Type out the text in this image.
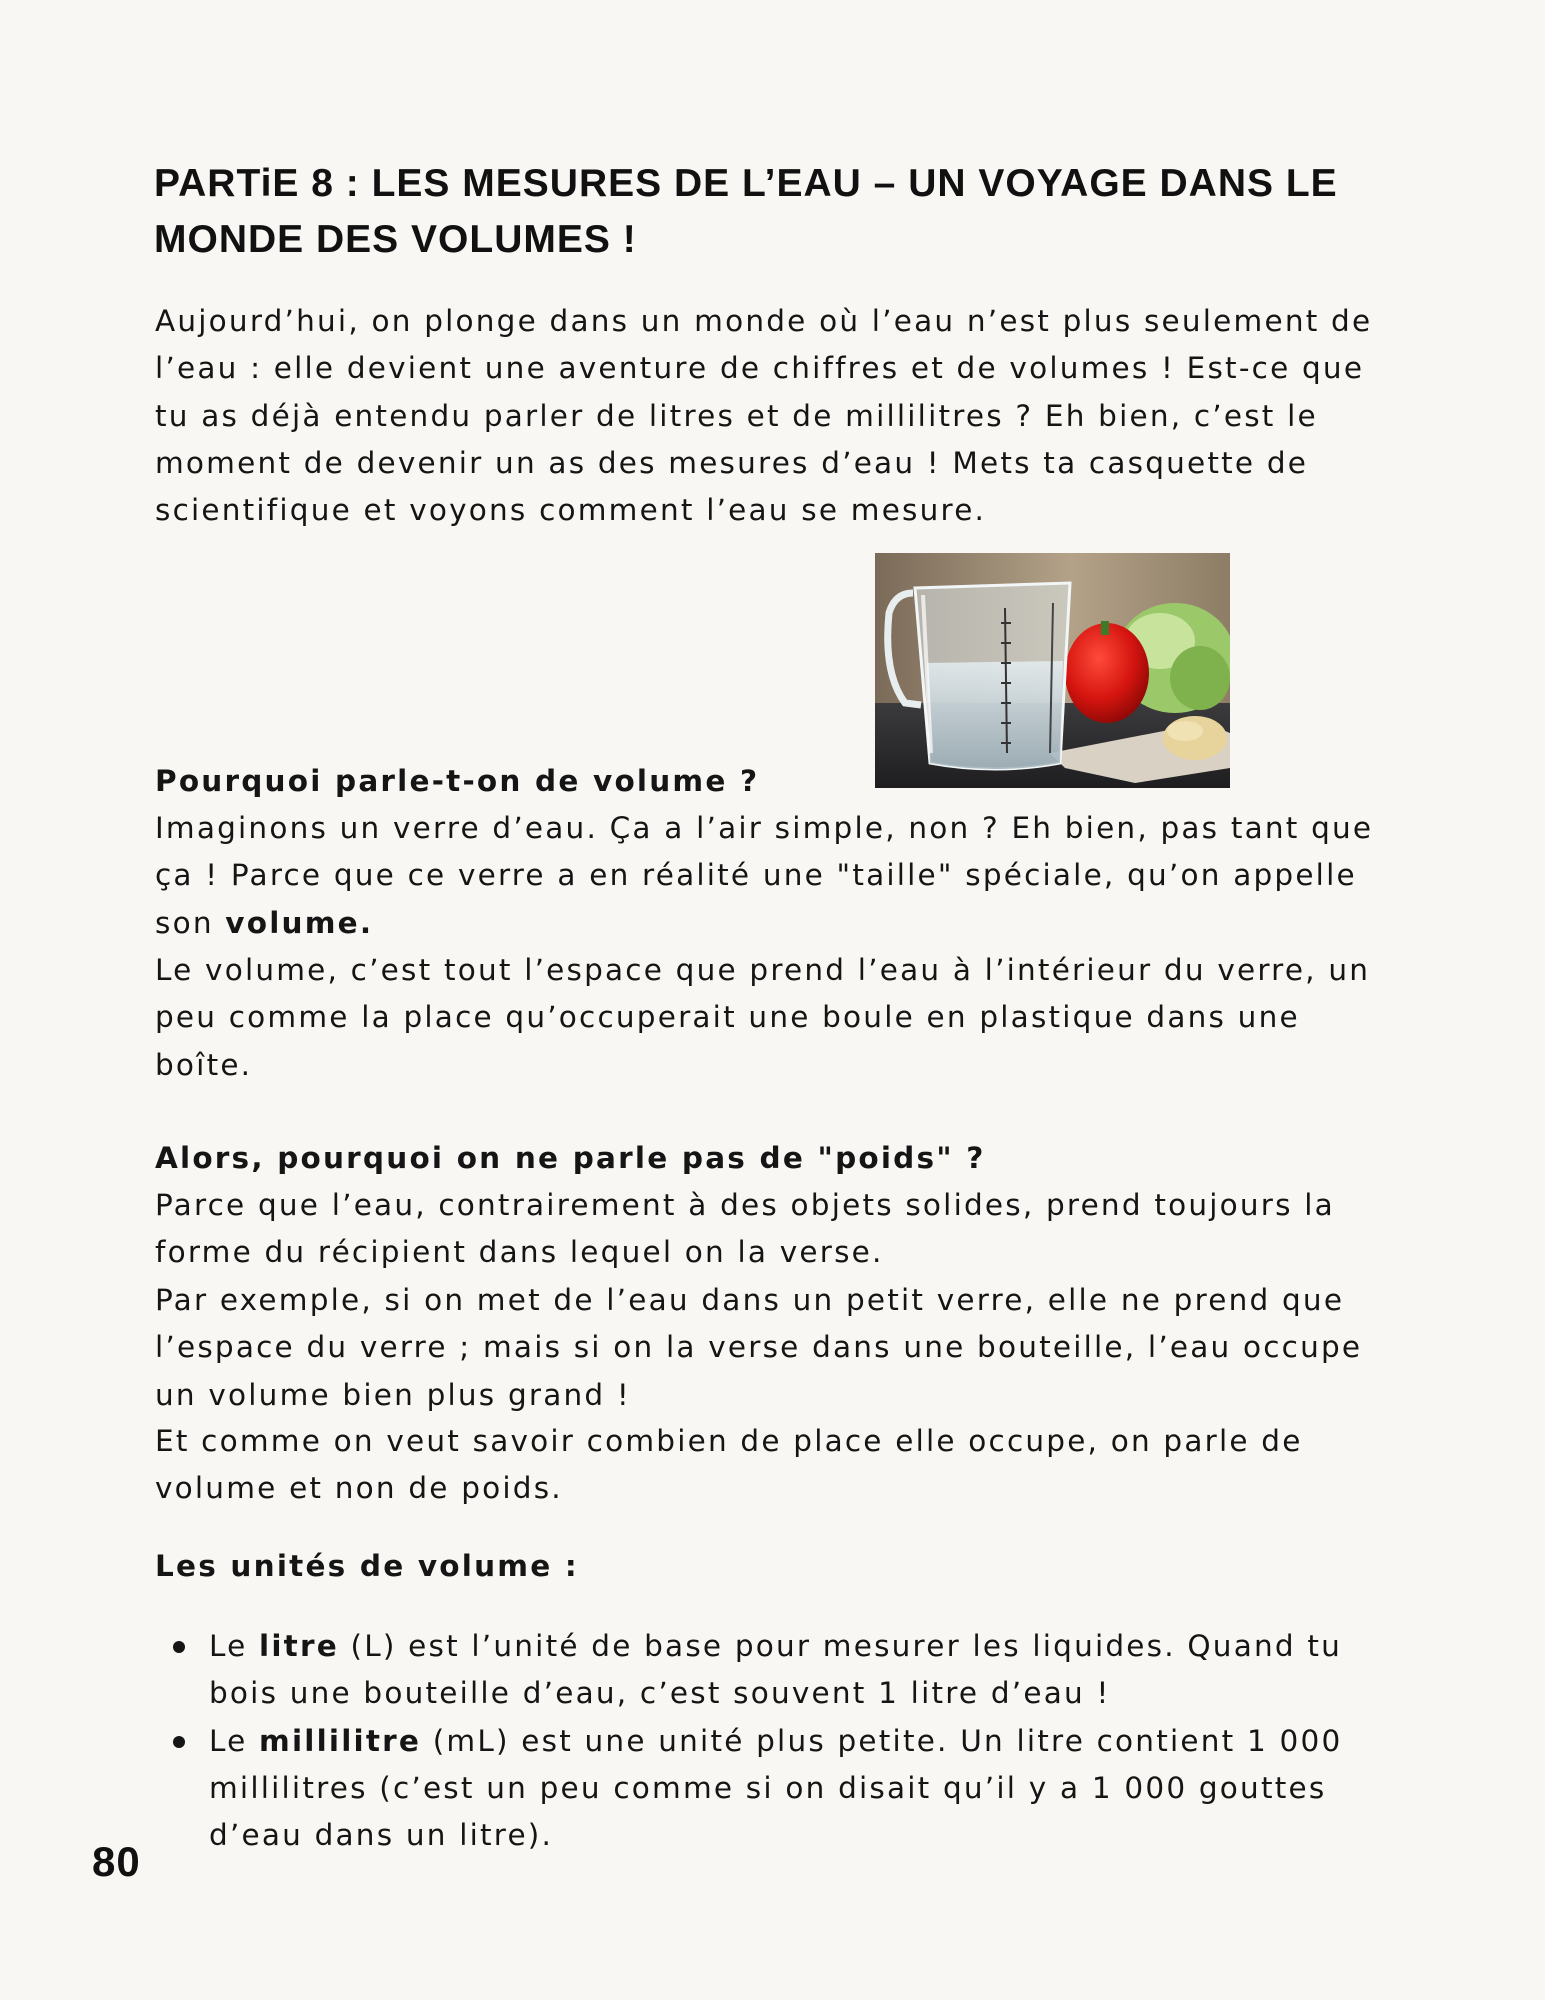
PARTiE 8 : LES MESURES DE L’EAU – UN VOYAGE DANS LE MONDE DES VOLUMES !

Aujourd’hui, on plonge dans un monde où l’eau n’est plus seulement de l’eau : elle devient une aventure de chiffres et de volumes ! Est-ce que tu as déjà entendu parler de litres et de millilitres ? Eh bien, c’est le moment de devenir un as des mesures d’eau ! Mets ta casquette de scientifique et voyons comment l’eau se mesure.

Pourquoi parle-t-on de volume ?

Imaginons un verre d’eau. Ça a l’air simple, non ? Eh bien, pas tant que ça ! Parce que ce verre a en réalité une "taille" spéciale, qu’on appelle son volume.

Le volume, c’est tout l’espace que prend l’eau à l’intérieur du verre, un peu comme la place qu’occuperait une boule en plastique dans une boîte.

Alors, pourquoi on ne parle pas de "poids" ?

Parce que l’eau, contrairement à des objets solides, prend toujours la forme du récipient dans lequel on la verse.

Par exemple, si on met de l’eau dans un petit verre, elle ne prend que l’espace du verre ; mais si on la verse dans une bouteille, l’eau occupe un volume bien plus grand !

Et comme on veut savoir combien de place elle occupe, on parle de volume et non de poids.

Les unités de volume :

Le litre (L) est l’unité de base pour mesurer les liquides. Quand tu bois une bouteille d’eau, c’est souvent 1 litre d’eau !
Le millilitre (mL) est une unité plus petite. Un litre contient 1 000 millilitres (c’est un peu comme si on disait qu’il y a 1 000 gouttes d’eau dans un litre).
80
